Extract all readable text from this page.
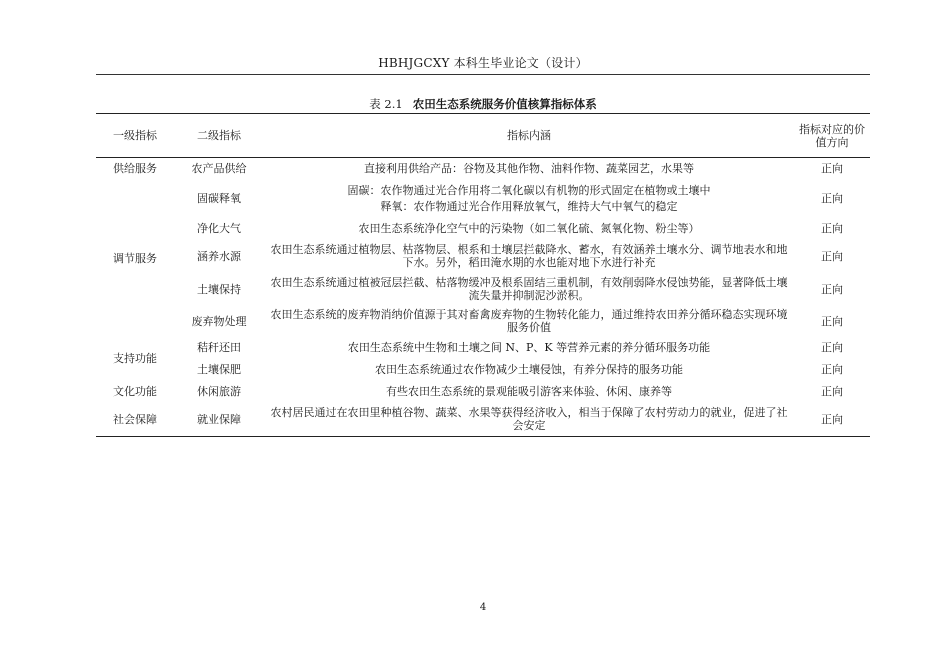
HBHJGCXY 本科生毕业论文（设计）
表 2.1 农田生态系统服务价值核算指标体系
一级指标	二级指标	指标内涵	指标对应的价值方向
供给服务	农产品供给	直接利用供给产品：谷物及其他作物、油料作物、蔬菜园艺，水果等	正向
调节服务	固碳释氧	固碳：农作物通过光合作用将二氧化碳以有机物的形式固定在植物或土壤中
释氧：农作物通过光合作用释放氧气，维持大气中氧气的稳定	正向
	净化大气	农田生态系统净化空气中的污染物（如二氧化硫、氮氧化物、粉尘等）	正向
	涵养水源	农田生态系统通过植物层、枯落物层、根系和土壤层拦截降水、蓄水，有效涵养土壤水分、调节地表水和地下水。另外，稻田淹水期的水也能对地下水进行补充	正向
	土壤保持	农田生态系统通过植被冠层拦截、枯落物缓冲及根系固结三重机制，有效削弱降水侵蚀势能，显著降低土壤流失量并抑制泥沙淤积。	正向
	废弃物处理	农田生态系统的废弃物消纳价值源于其对畜禽废弃物的生物转化能力，通过维持农田养分循环稳态实现环境服务价值	正向
支持功能	秸秆还田	农田生态系统中生物和土壤之间 N、P、K 等营养元素的养分循环服务功能	正向
	土壤保肥	农田生态系统通过农作物减少土壤侵蚀，有养分保持的服务功能	正向
文化功能	休闲旅游	有些农田生态系统的景观能吸引游客来体验、休闲、康养等	正向
社会保障	就业保障	农村居民通过在农田里种植谷物、蔬菜、水果等获得经济收入，相当于保障了农村劳动力的就业，促进了社会安定	正向
4
